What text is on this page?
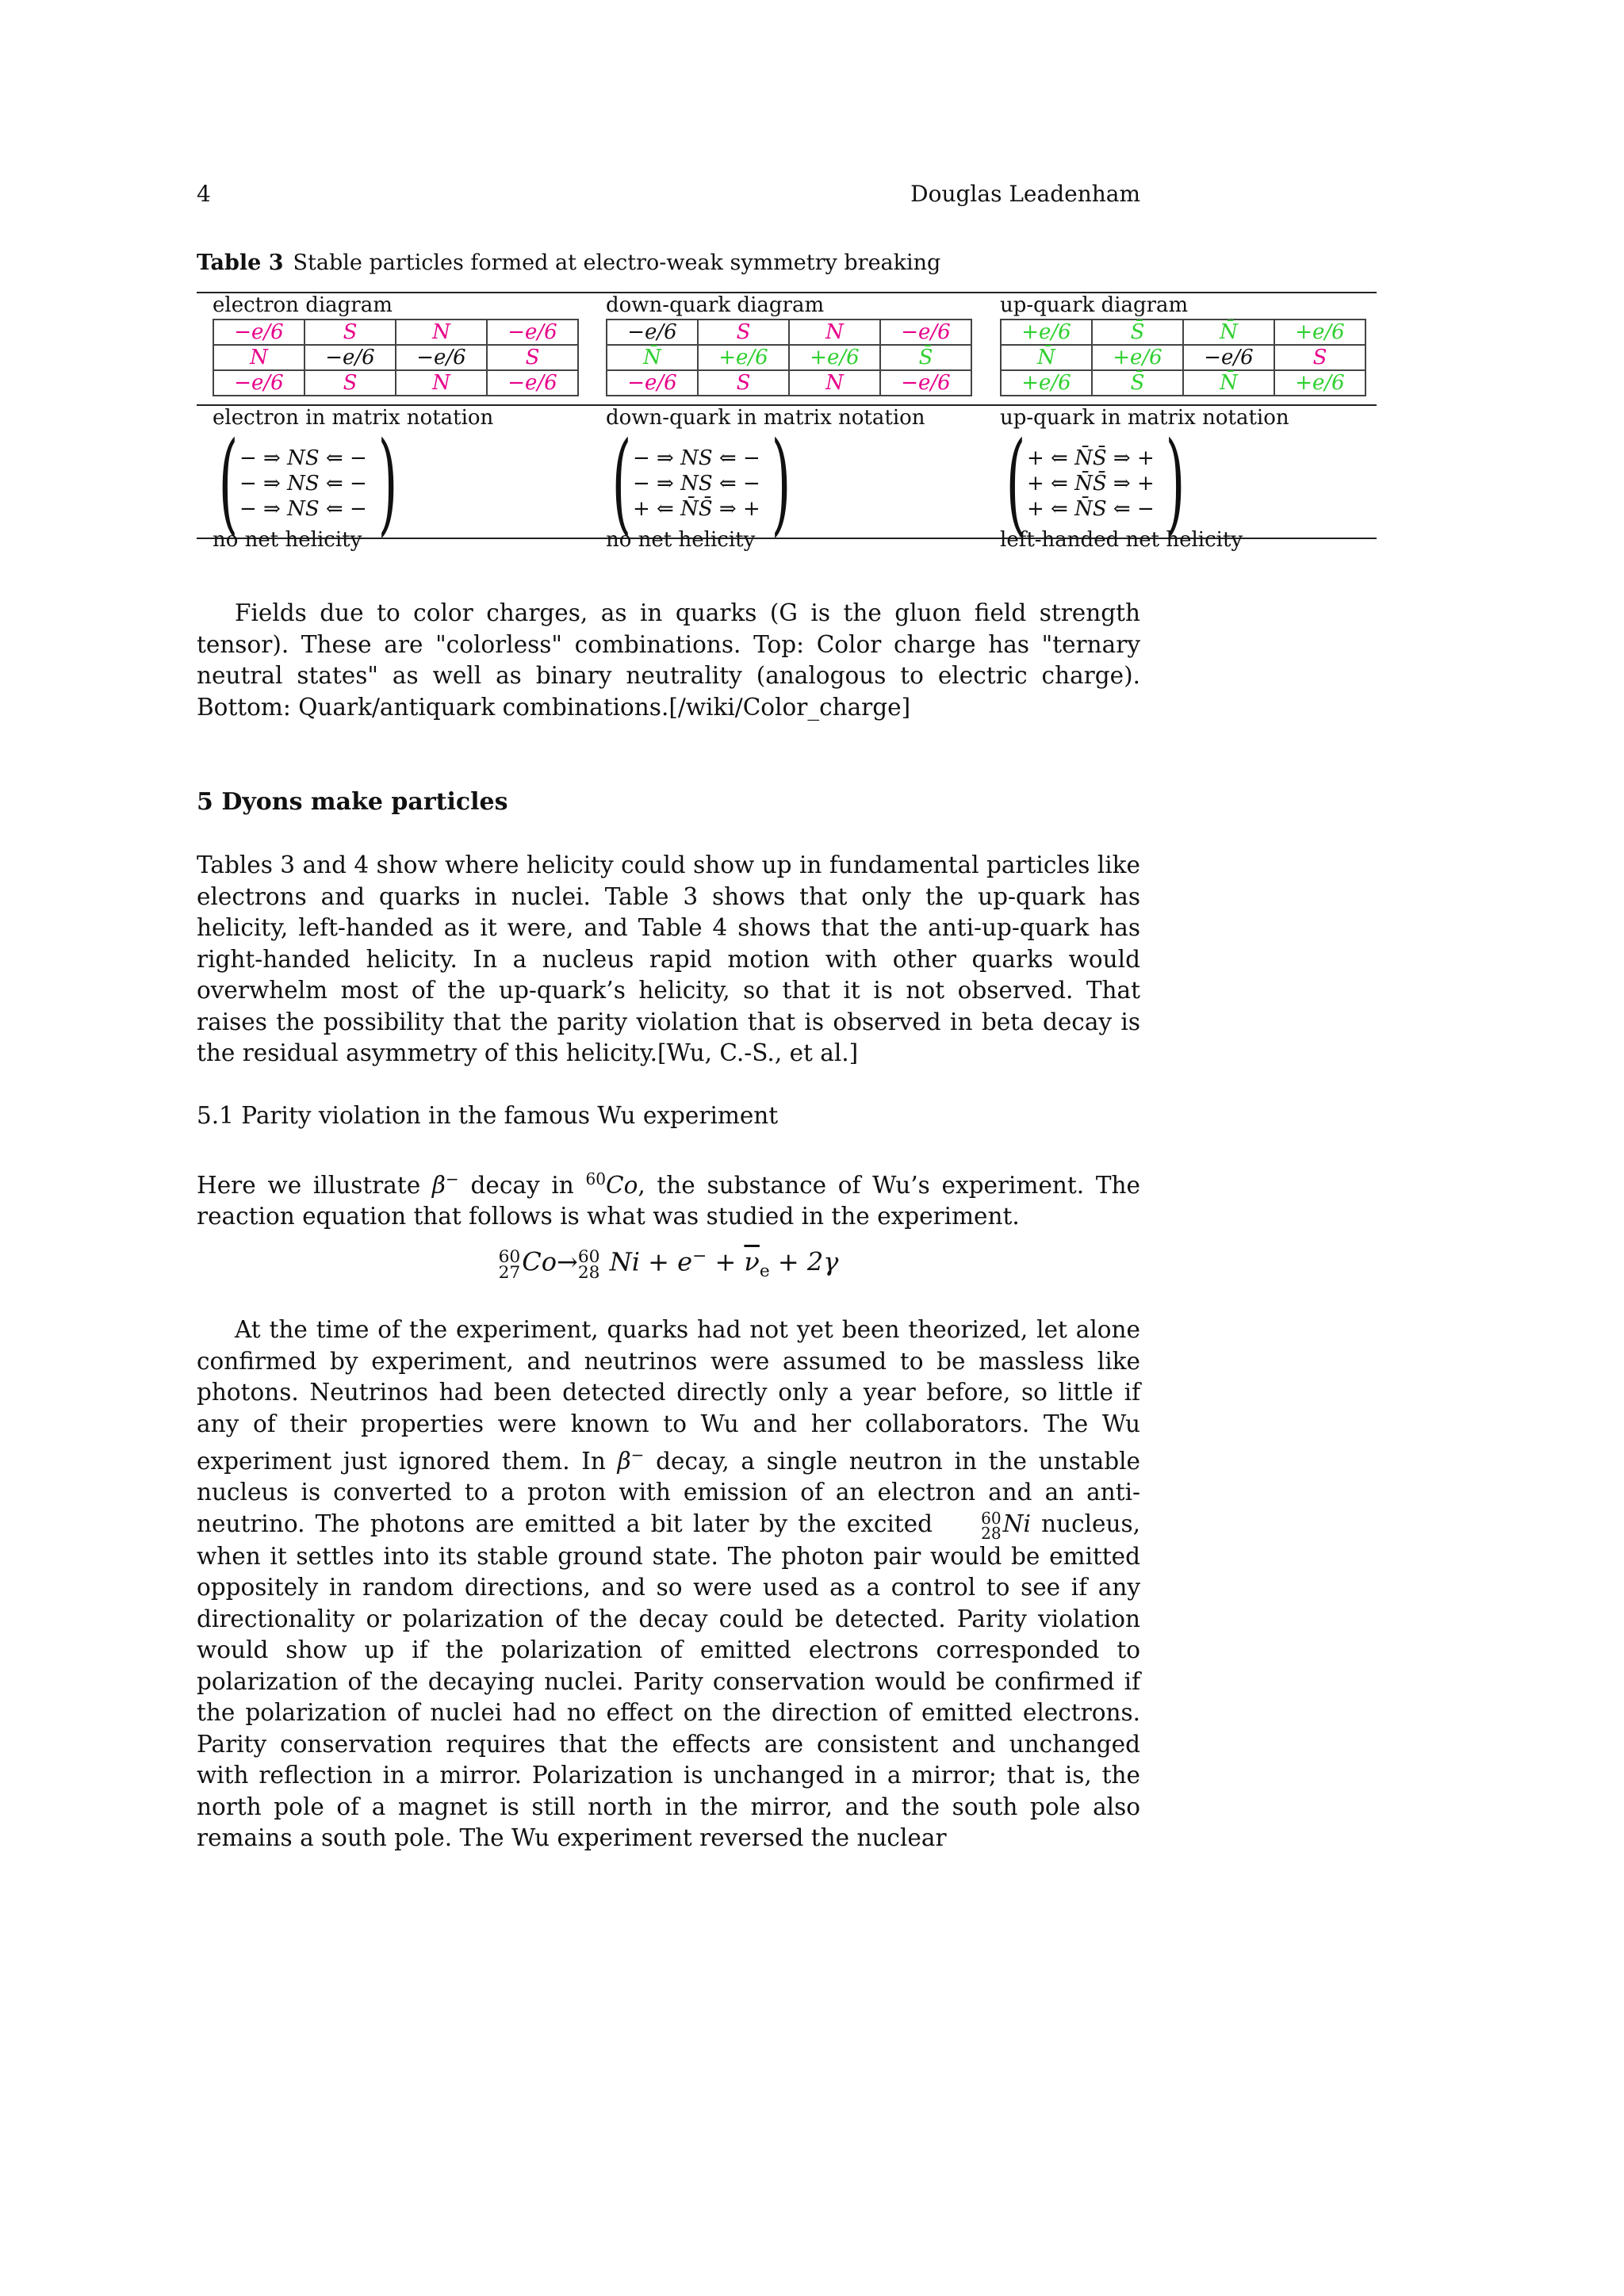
4	Douglas Leadenham
Table 3 Stable particles formed at electro-weak symmetry breaking
electron diagram
−e/6	S	N	−e/6
N	−e/6	−e/6	S
−e/6	S	N	−e/6
down-quark diagram
−e/6	S	N	−e/6
N̄	+e/6	+e/6	S̄
−e/6	S	N	−e/6
up-quark diagram
+e/6	S̄	N̄	+e/6
N̄	+e/6	−e/6	S
+e/6	S̄	N̄	+e/6
electron in matrix notation
( − ⇒ NS ⇐ −
− ⇒ NS ⇐ −
− ⇒ NS ⇐ − )
no net helicity
down-quark in matrix notation
( − ⇒ NS ⇐ −
− ⇒ NS ⇐ −
+ ⇐ N̄S̄ ⇒ + )
no net helicity
up-quark in matrix notation
( + ⇐ N̄S̄ ⇒ +
+ ⇐ N̄S̄ ⇒ +
+ ⇐ N̄S ⇐ − )
left-handed net helicity
Fields due to color charges, as in quarks (G is the gluon field strength tensor). These are "colorless" combinations. Top: Color charge has "ternary neutral states" as well as binary neutrality (analogous to electric charge). Bottom: Quark/antiquark combinations.[/wiki/Color_charge]
5 Dyons make particles
Tables 3 and 4 show where helicity could show up in fundamental particles like electrons and quarks in nuclei. Table 3 shows that only the up-quark has helicity, left-handed as it were, and Table 4 shows that the anti-up-quark has right-handed helicity. In a nucleus rapid motion with other quarks would overwhelm most of the up-quark’s helicity, so that it is not observed. That raises the possibility that the parity violation that is observed in beta decay is the residual asymmetry of this helicity.[Wu, C.-S., et al.]
5.1 Parity violation in the famous Wu experiment
Here we illustrate β− decay in $^{60}$Co, the substance of Wu’s experiment. The reaction equation that follows is what was studied in the experiment.
60
27 Co→ 60
28 $Ni + e^- + \overline{\nu}_e + 2\gamma$
At the time of the experiment, quarks had not yet been theorized, let alone confirmed by experiment, and neutrinos were assumed to be massless like photons. Neutrinos had been detected directly only a year before, so little if any of their properties were known to Wu and her collaborators. The Wu experiment just ignored them. In β− decay, a single neutron in the unstable nucleus is converted to a proton with emission of an electron and an anti-neutrino. The photons are emitted a bit later by the excited	60
28 Ni nucleus, when it settles into its stable ground state. The photon pair would be emitted oppositely in random directions, and so were used as a control to see if any directionality or polarization of the decay could be detected. Parity violation would show up if the polarization of emitted electrons corresponded to polarization of the decaying nuclei. Parity conservation would be confirmed if the polarization of nuclei had no effect on the direction of emitted electrons. Parity conservation requires that the effects are consistent and unchanged with reflection in a mirror. Polarization is unchanged in a mirror; that is, the north pole of a magnet is still north in the mirror, and the south pole also remains a south pole. The Wu experiment reversed the nuclear
